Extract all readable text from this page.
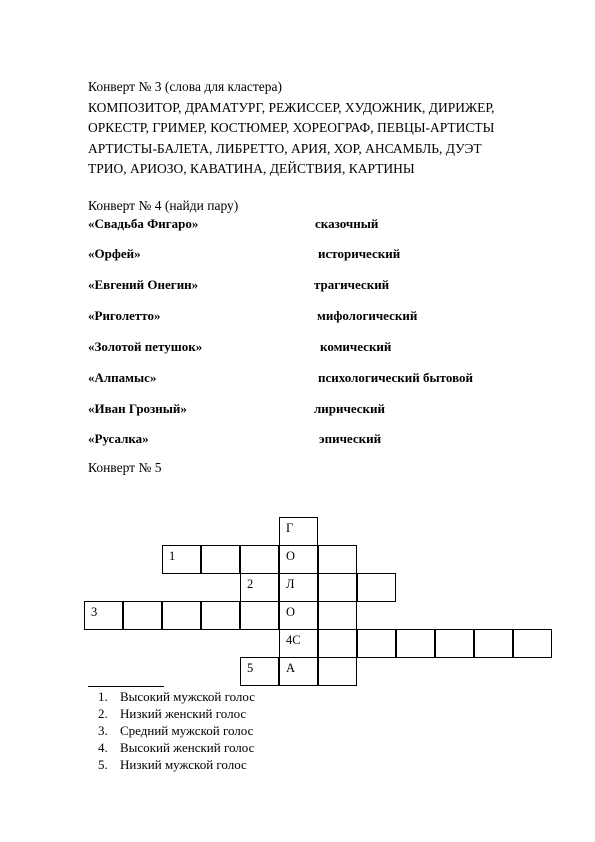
Конверт № 3 (слова для кластера)
КОМПОЗИТОР, ДРАМАТУРГ, РЕЖИССЕР, ХУДОЖНИК, ДИРИЖЕР,
ОРКЕСТР, ГРИМЕР, КОСТЮМЕР, ХОРЕОГРАФ, ПЕВЦЫ-АРТИСТЫ
АРТИСТЫ-БАЛЕТА, ЛИБРЕТТО, АРИЯ, ХОР, АНСАМБЛЬ, ДУЭТ
ТРИО, АРИОЗО, КАВАТИНА, ДЕЙСТВИЯ, КАРТИНЫ
Конверт № 4 (найди пару)
«Свадьба Фигаро»	сказочный
«Орфей»	исторический
«Евгений Онегин»	трагический
«Риголетто»	мифологический
«Золотой петушок»	комический
«Алпамыс»	психологический бытовой
«Иван Грозный»	лирический
«Русалка»	эпический
Конверт № 5
Г
1	О
2	Л
3	О
4С
5	А
1. Высокий мужской голос
2. Низкий женский голос
3. Средний мужской голос
4. Высокий женский голос
5. Низкий мужской голос
